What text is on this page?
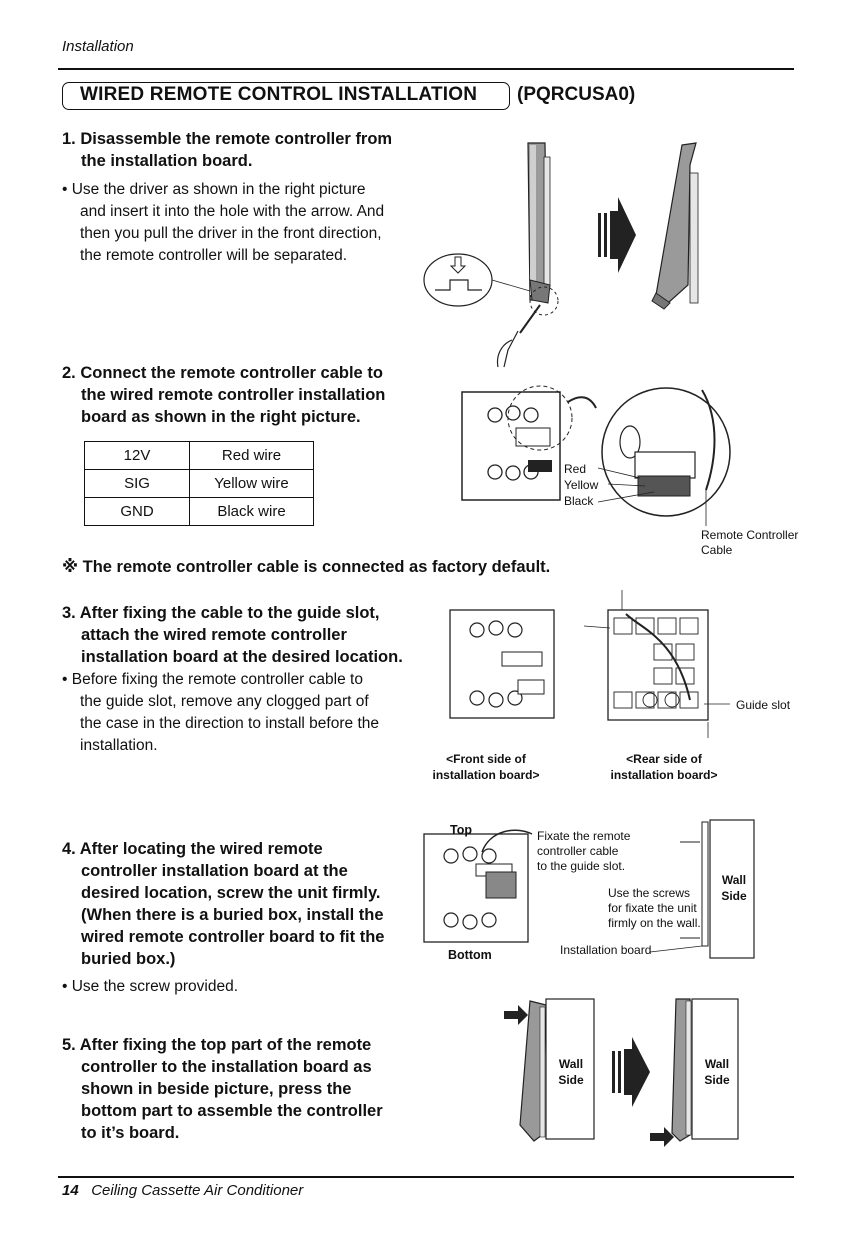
Installation
WIRED REMOTE CONTROL INSTALLATION (PQRCUSA0)
1. Disassemble the remote controller from
the installation board.
• Use the driver as shown in the right picture
and insert it into the hole with the arrow. And
then you pull the driver in the front direction,
the remote controller will be separated.
2. Connect the remote controller cable to
the wired remote controller installation
board as shown in the right picture.
12V	Red wire
SIG	Yellow wire
GND	Black wire
※ The remote controller cable is connected as factory default.
3. After fixing the cable to the guide slot,
attach the wired remote controller
installation board at the desired location.
• Before fixing the remote controller cable to
the guide slot, remove any clogged part of
the case in the direction to install before the
installation.
4. After locating the wired remote
controller installation board at the
desired location, screw the unit firmly.
(When there is a buried box, install the
wired remote controller board to fit the
buried box.)
• Use the screw provided.
5. After fixing the top part of the remote
controller to the installation board as
shown in beside picture, press the
bottom part to assemble the controller
to it’s board.
Red
Yellow
Black
Remote Controller
Cable
Guide slot
<Front side of
installation board>
<Rear side of
installation board>
Top
Bottom
Fixate the remote
controller cable
to the guide slot.
Use the screws
for fixate the unit
firmly on the wall.
Installation board
Wall
Side
Wall
Side
Wall
Side
14 Ceiling Cassette Air Conditioner
